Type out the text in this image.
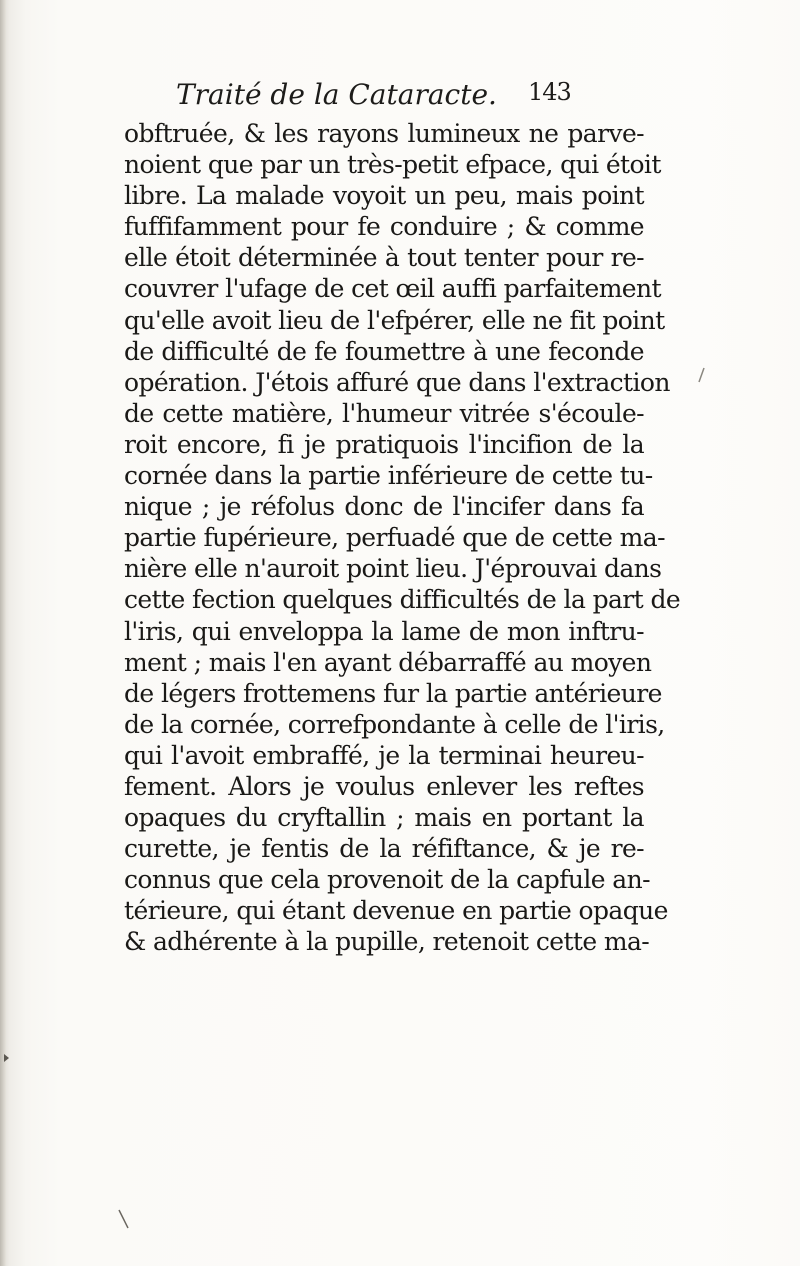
Traité de la Cataracte. 143
obftruée, & les rayons lumineux ne parve-
noient que par un très-petit efpace, qui étoit
libre. La malade voyoit un peu, mais point
fuffifamment pour fe conduire ; & comme
elle étoit déterminée à tout tenter pour re-
couvrer l'ufage de cet œil auffi parfaitement
qu'elle avoit lieu de l'efpérer, elle ne fit point
de difficulté de fe foumettre à une feconde
opération. J'étois affuré que dans l'extraction
de cette matière, l'humeur vitrée s'écoule-
roit encore, fi je pratiquois l'incifion de la
cornée dans la partie inférieure de cette tu-
nique ; je réfolus donc de l'incifer dans fa
partie fupérieure, perfuadé que de cette ma-
nière elle n'auroit point lieu. J'éprouvai dans
cette fection quelques difficultés de la part de
l'iris, qui enveloppa la lame de mon inftru-
ment ; mais l'en ayant débarraffé au moyen
de légers frottemens fur la partie antérieure
de la cornée, correfpondante à celle de l'iris,
qui l'avoit embraffé, je la terminai heureu-
fement. Alors je voulus enlever les reftes
opaques du cryftallin ; mais en portant la
curette, je fentis de la réfiftance, & je re-
connus que cela provenoit de la capfule an-
térieure, qui étant devenue en partie opaque
& adhérente à la pupille, retenoit cette ma-
